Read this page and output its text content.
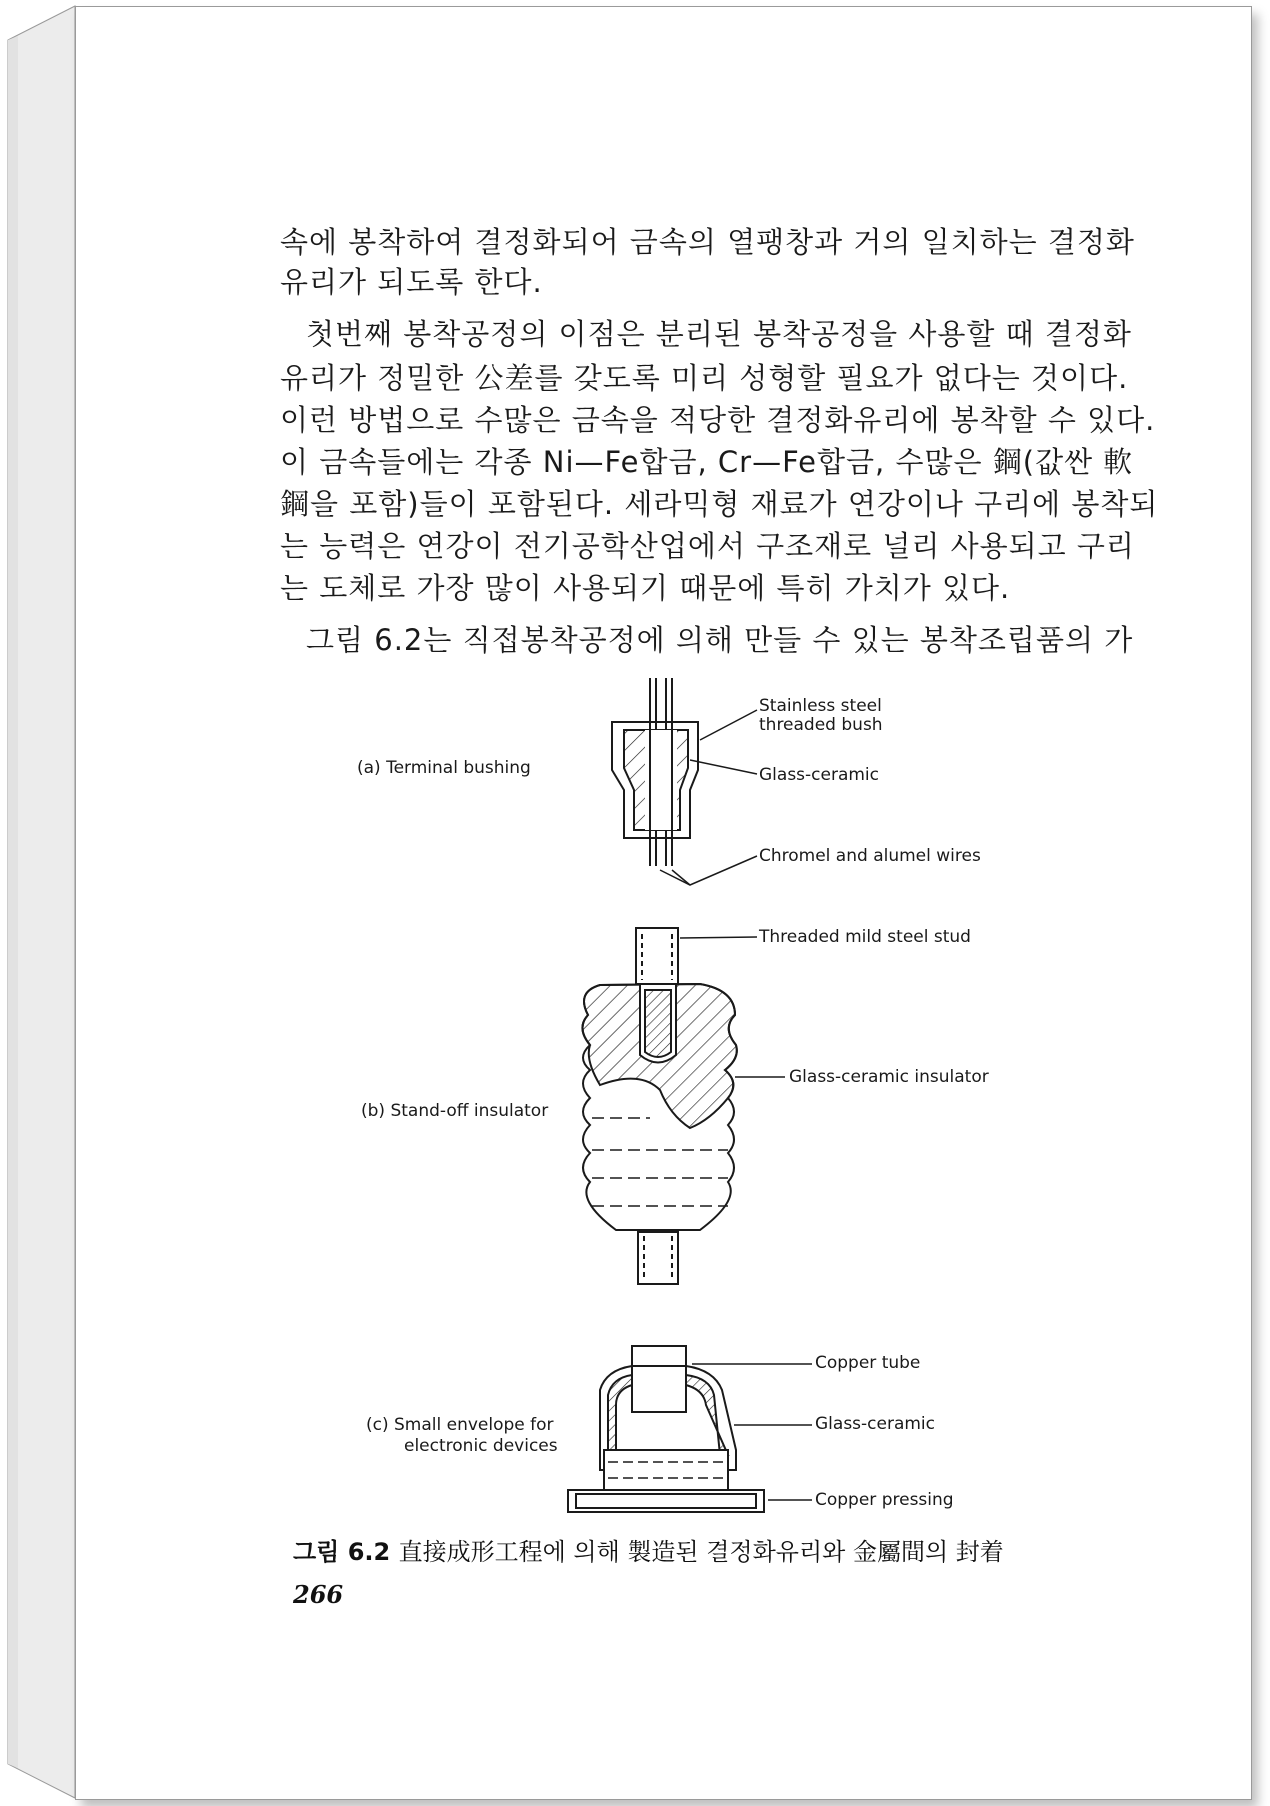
속에 봉착하여 결정화되어 금속의 열팽창과 거의 일치하는 결정화
유리가 되도록 한다.
첫번째 봉착공정의 이점은 분리된 봉착공정을 사용할 때 결정화
유리가 정밀한 公差를 갖도록 미리 성형할 필요가 없다는 것이다.
이런 방법으로 수많은 금속을 적당한 결정화유리에 봉착할 수 있다.
이 금속들에는 각종 Ni—Fe합금, Cr—Fe합금, 수많은 鋼(값싼 軟
鋼을 포함)들이 포함된다. 세라믹형 재료가 연강이나 구리에 봉착되
는 능력은 연강이 전기공학산업에서 구조재로 널리 사용되고 구리
는 도체로 가장 많이 사용되기 때문에 특히 가치가 있다.
그림 6.2는 직접봉착공정에 의해 만들 수 있는 봉착조립품의 가
(a) Terminal bushing
Stainless steel
threaded bush
Glass-ceramic
Chromel and alumel wires
(b) Stand-off insulator
Threaded mild steel stud
Glass-ceramic insulator
(c) Small envelope for
electronic devices
Copper tube
Glass-ceramic
Copper pressing
그림 6.2 直接成形工程에 의해 製造된 결정화유리와 金屬間의 封着
266
